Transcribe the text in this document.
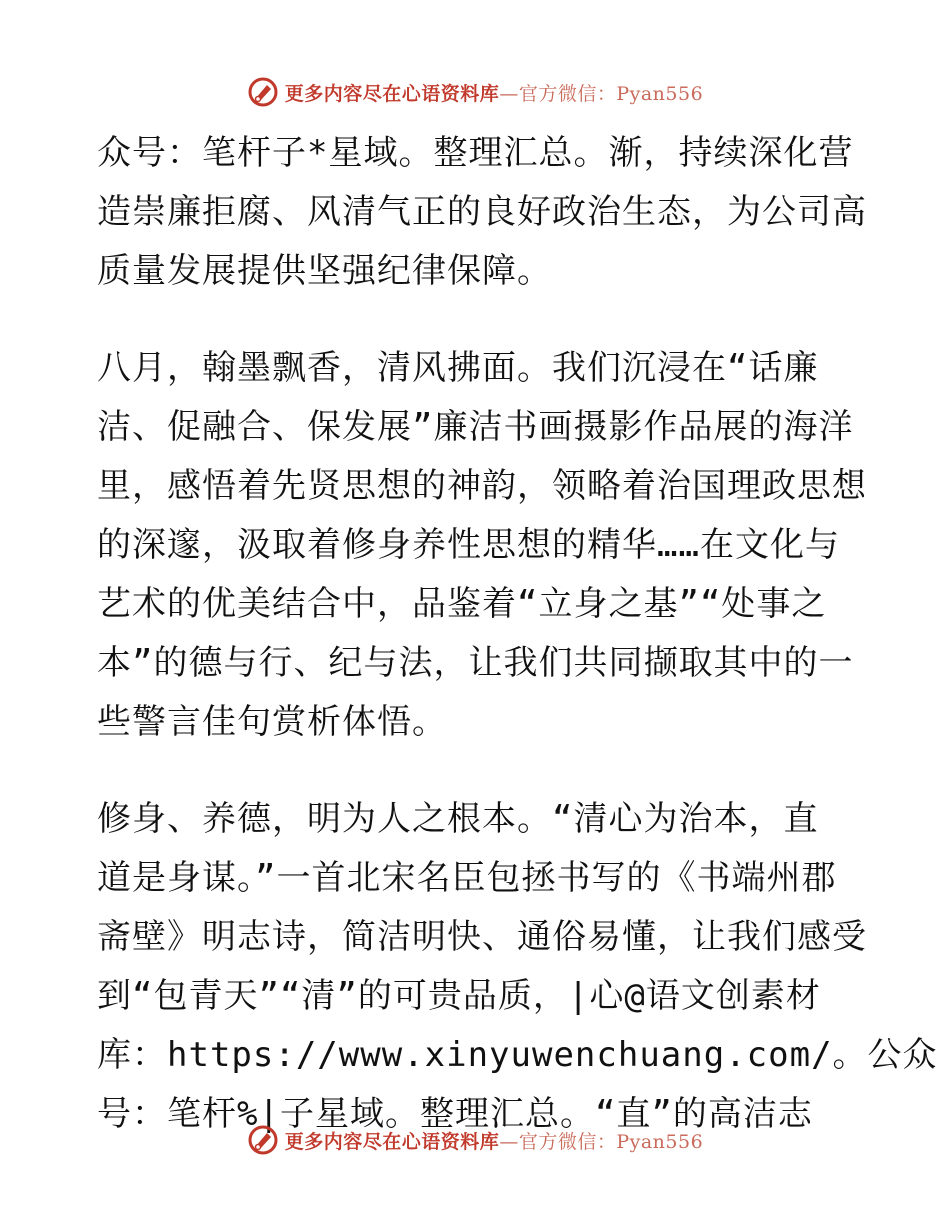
更多内容尽在心语资料库—官方微信：Pyan556

众号：笔杆子*星域。整理汇总。渐，持续深化营

造崇廉拒腐、风清气正的良好政治生态，为公司高

质量发展提供坚强纪律保障。

八月，翰墨飘香，清风拂面。我们沉浸在“话廉

洁、促融合、保发展”廉洁书画摄影作品展的海洋

里，感悟着先贤思想的神韵，领略着治国理政思想

的深邃，汲取着修身养性思想的精华……在文化与

艺术的优美结合中，品鉴着“立身之基”“处事之

本”的德与行、纪与法，让我们共同撷取其中的一

些警言佳句赏析体悟。

修身、养德，明为人之根本。“清心为治本，直

道是身谋。”一首北宋名臣包拯书写的《书端州郡

斋壁》明志诗，简洁明快、通俗易懂，让我们感受

到“包青天”“清”的可贵品质，|心@语文创素材

库：https://www.xinyuwenchuang.com/。公众

号：笔杆%|子星域。整理汇总。“直”的高洁志

更多内容尽在心语资料库—官方微信：Pyan556
